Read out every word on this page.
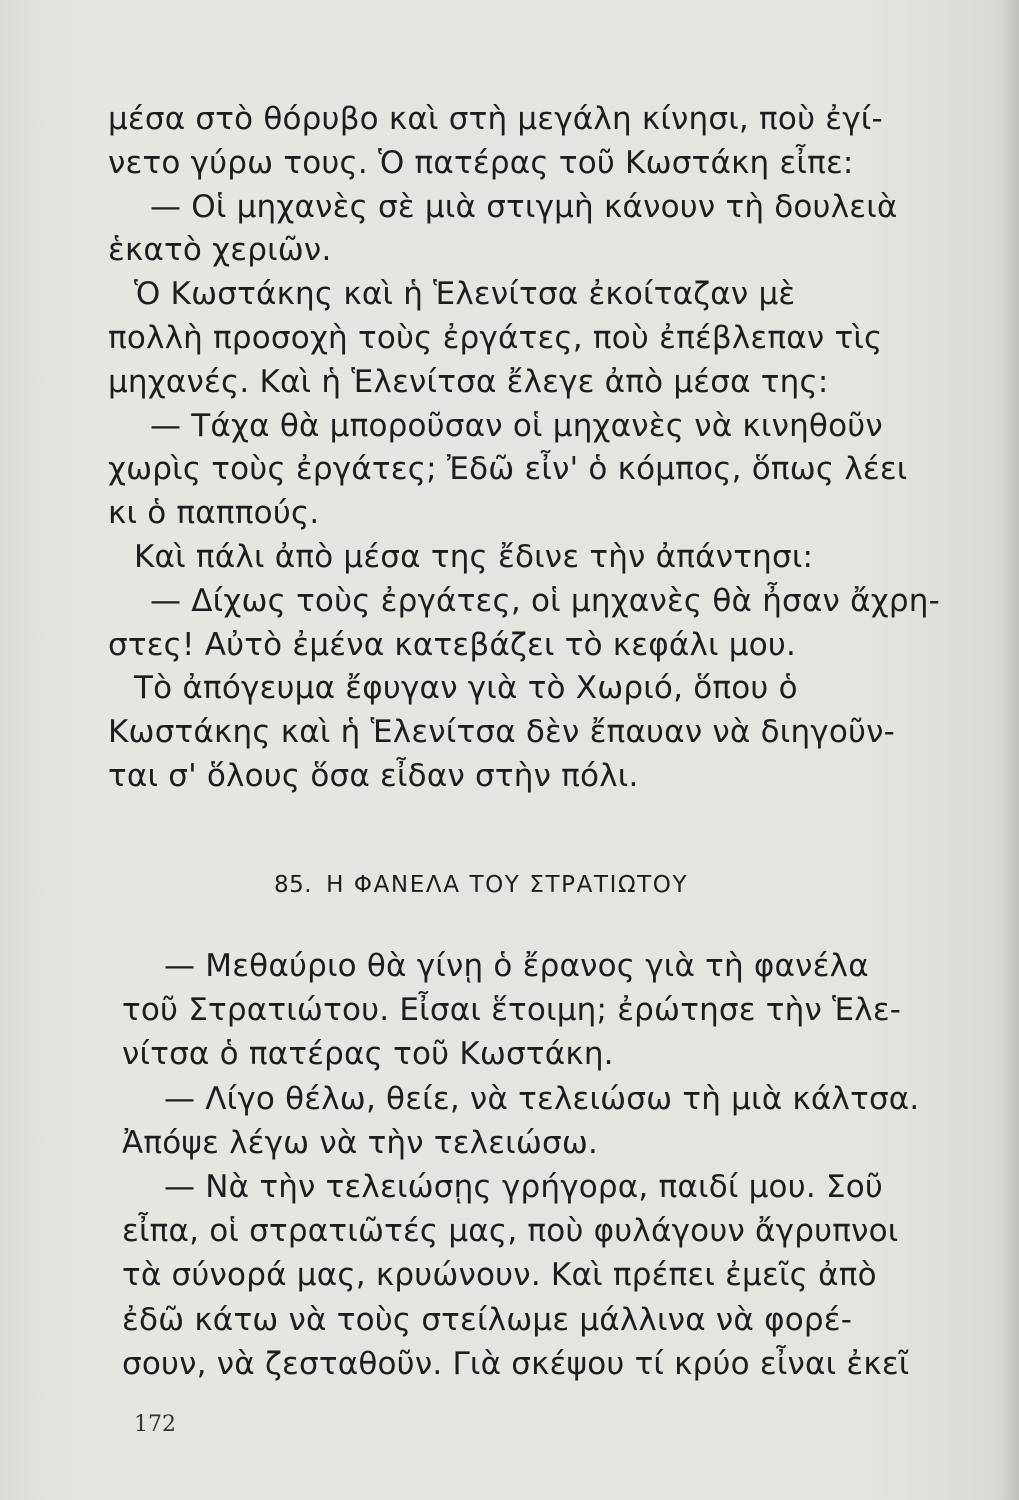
μέσα στὸ θόρυβο καὶ στὴ μεγάλη κίνησι, ποὺ ἐγί-
νετο γύρω τους. Ὁ πατέρας τοῦ Κωστάκη εἶπε:
— Οἱ μηχανὲς σὲ μιὰ στιγμὴ κάνουν τὴ δουλειὰ
ἑκατὸ χεριῶν.
Ὁ Κωστάκης καὶ ἡ Ἑλενίτσα ἐκοίταζαν μὲ
πολλὴ προσοχὴ τοὺς ἐργάτες, ποὺ ἐπέβλεπαν τὶς
μηχανές. Καὶ ἡ Ἑλενίτσα ἔλεγε ἀπὸ μέσα της:
— Τάχα θὰ μποροῦσαν οἱ μηχανὲς νὰ κινηθοῦν
χωρὶς τοὺς ἐργάτες; Ἐδῶ εἶν' ὁ κόμπος, ὅπως λέει
κι ὁ παππούς.
Καὶ πάλι ἀπὸ μέσα της ἔδινε τὴν ἀπάντησι:
— Δίχως τοὺς ἐργάτες, οἱ μηχανὲς θὰ ἦσαν ἄχρη-
στες! Αὐτὸ ἐμένα κατεβάζει τὸ κεφάλι μου.
Τὸ ἀπόγευμα ἔφυγαν γιὰ τὸ Χωριό, ὅπου ὁ
Κωστάκης καὶ ἡ Ἑλενίτσα δὲν ἔπαυαν νὰ διηγοῦν-
ται σ' ὅλους ὅσα εἶδαν στὴν πόλι.
85. Η ΦΑΝΕΛΑ ΤΟΥ ΣΤΡΑΤΙΩΤΟΥ
— Μεθαύριο θὰ γίνῃ ὁ ἔρανος γιὰ τὴ φανέλα
τοῦ Στρατιώτου. Εἶσαι ἕτοιμη; ἐρώτησε τὴν Ἑλε-
νίτσα ὁ πατέρας τοῦ Κωστάκη.
— Λίγο θέλω, θείε, νὰ τελειώσω τὴ μιὰ κάλτσα.
Ἀπόψε λέγω νὰ τὴν τελειώσω.
— Νὰ τὴν τελειώσῃς γρήγορα, παιδί μου. Σοῦ
εἶπα, οἱ στρατιῶτές μας, ποὺ φυλάγουν ἄγρυπνοι
τὰ σύνορά μας, κρυώνουν. Καὶ πρέπει ἐμεῖς ἀπὸ
ἐδῶ κάτω νὰ τοὺς στείλωμε μάλλινα νὰ φορέ-
σουν, νὰ ζεσταθοῦν. Γιὰ σκέψου τί κρύο εἶναι ἐκεῖ
172
